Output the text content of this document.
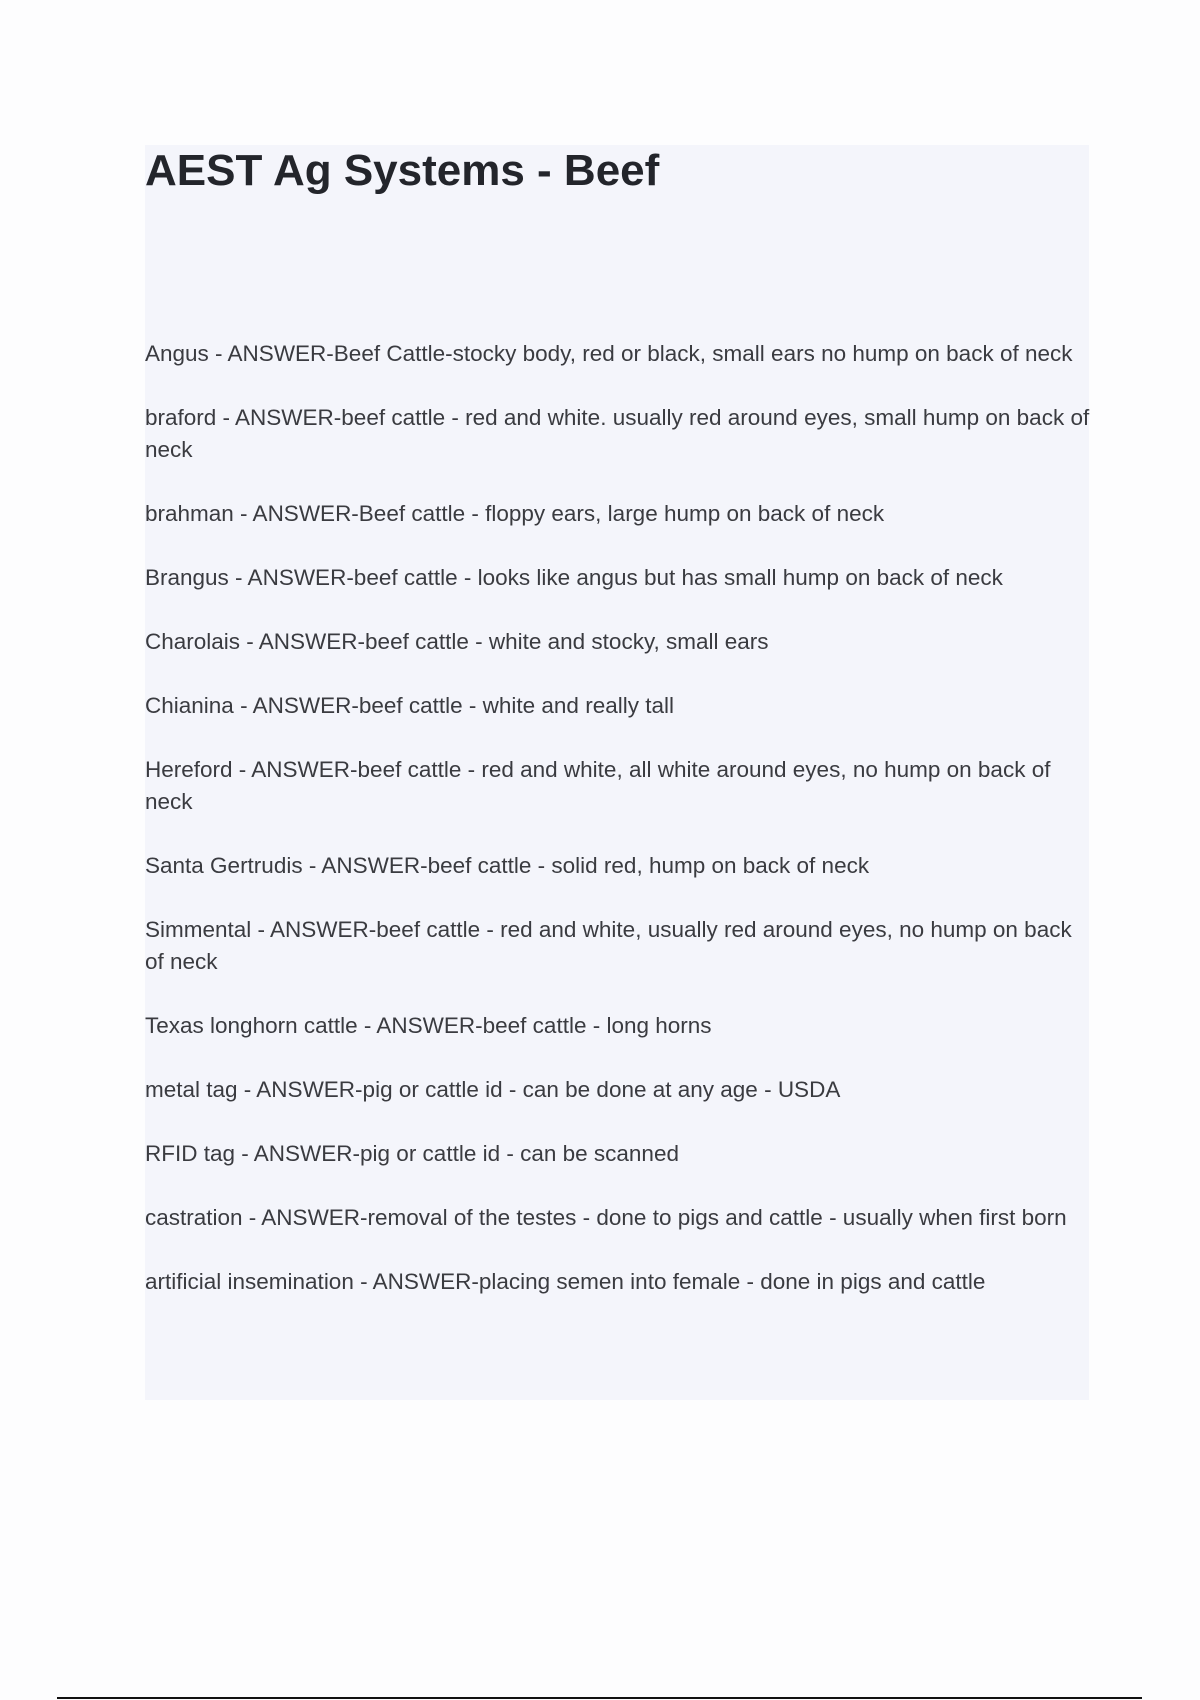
AEST Ag Systems - Beef
Angus - ANSWER-Beef Cattle-stocky body, red or black, small ears no hump on back of neck
braford - ANSWER-beef cattle - red and white. usually red around eyes, small hump on back of neck
brahman - ANSWER-Beef cattle - floppy ears, large hump on back of neck
Brangus - ANSWER-beef cattle - looks like angus but has small hump on back of neck
Charolais - ANSWER-beef cattle - white and stocky, small ears
Chianina - ANSWER-beef cattle - white and really tall
Hereford - ANSWER-beef cattle - red and white, all white around eyes, no hump on back of neck
Santa Gertrudis - ANSWER-beef cattle - solid red, hump on back of neck
Simmental - ANSWER-beef cattle - red and white, usually red around eyes, no hump on back of neck
Texas longhorn cattle - ANSWER-beef cattle - long horns
metal tag - ANSWER-pig or cattle id - can be done at any age - USDA
RFID tag - ANSWER-pig or cattle id - can be scanned
castration - ANSWER-removal of the testes - done to pigs and cattle - usually when first born
artificial insemination - ANSWER-placing semen into female - done in pigs and cattle
